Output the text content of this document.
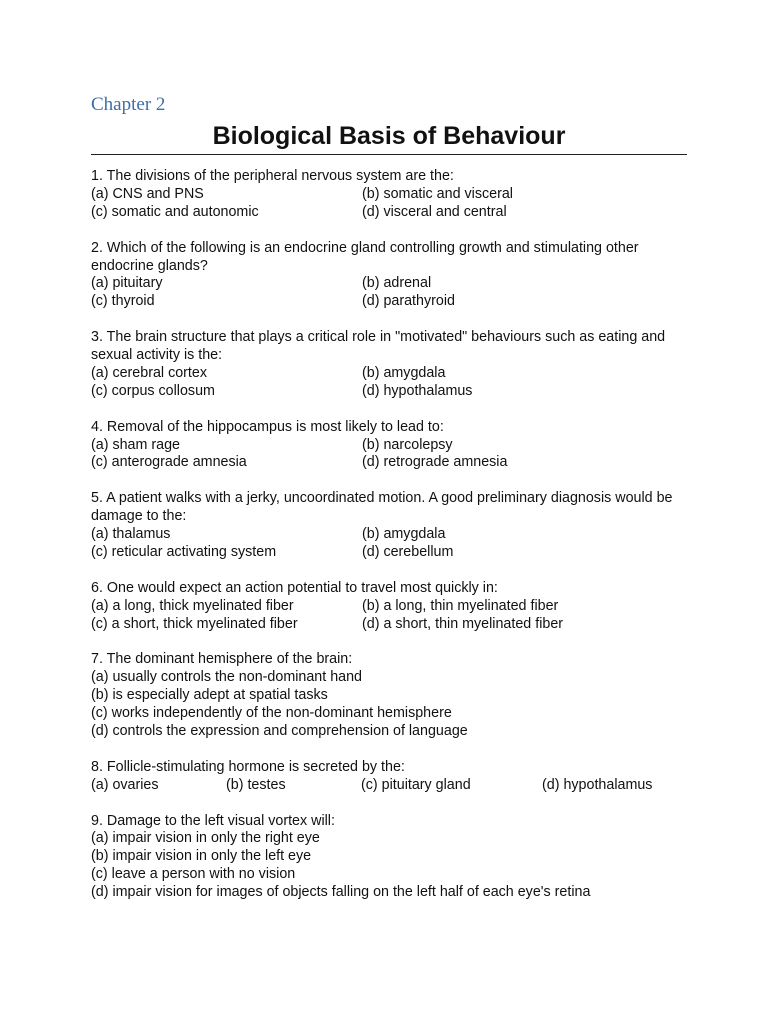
Chapter 2
Biological Basis of Behaviour

1. The divisions of the peripheral nervous system are the:

(a) CNS and PNS	(b) somatic and visceral
(c) somatic and autonomic	(d) visceral and central

2. Which of the following is an endocrine gland controlling growth and stimulating other endocrine glands?

(a) pituitary	(b) adrenal
(c) thyroid	(d) parathyroid

3. The brain structure that plays a critical role in "motivated" behaviours such as eating and sexual activity is the:

(a) cerebral cortex	(b) amygdala
(c) corpus collosum	(d) hypothalamus

4. Removal of the hippocampus is most likely to lead to:

(a) sham rage	(b) narcolepsy
(c) anterograde amnesia	(d) retrograde amnesia

5. A patient walks with a jerky, uncoordinated motion. A good preliminary diagnosis would be damage to the:

(a) thalamus	(b) amygdala
(c) reticular activating system	(d) cerebellum

6. One would expect an action potential to travel most quickly in:

(a) a long, thick myelinated fiber	(b) a long, thin myelinated fiber
(c) a short, thick myelinated fiber	(d) a short, thin myelinated fiber

7. The dominant hemisphere of the brain:

(a) usually controls the non-dominant hand
(b) is especially adept at spatial tasks
(c) works independently of the non-dominant hemisphere
(d) controls the expression and comprehension of language

8. Follicle-stimulating hormone is secreted by the:

(a) ovaries	(b) testes	(c) pituitary gland	(d) hypothalamus

9. Damage to the left visual vortex will:

(a) impair vision in only the right eye
(b) impair vision in only the left eye
(c) leave a person with no vision
(d) impair vision for images of objects falling on the left half of each eye's retina
